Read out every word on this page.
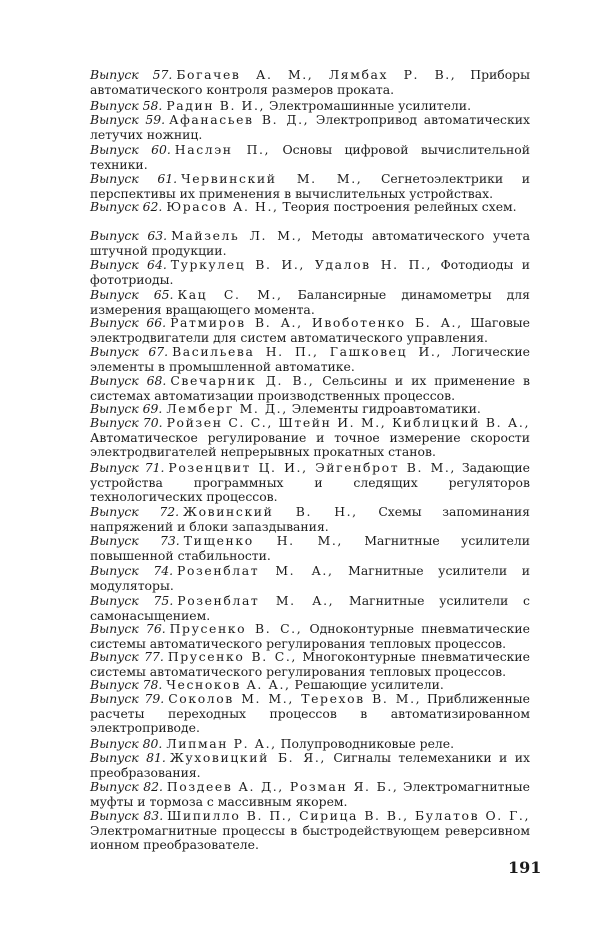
Выпуск 57. Богачев А. М., Лямбах Р. В., Приборы автоматического контроля размеров проката.
Выпуск 58. Радин В. И., Электромашинные усилители.
Выпуск 59. Афанасьев В. Д., Электропривод автоматических летучих ножниц.
Выпуск 60. Наслэн П., Основы цифровой вычислительной техники.
Выпуск 61. Червинский М. М., Сегнетоэлектрики и перспективы их применения в вычислительных устройствах.
Выпуск 62. Юрасов А. Н., Теория построения релейных схем.
Выпуск 63. Майзель Л. М., Методы автоматического учета штучной продукции.
Выпуск 64. Туркулец В. И., Удалов Н. П., Фотодиоды и фототриоды.
Выпуск 65. Кац С. М., Балансирные динамометры для измерения вращающего момента.
Выпуск 66. Ратмиров В. А., Ивоботенко Б. А., Шаговые электродвигатели для систем автоматического управления.
Выпуск 67. Васильева Н. П., Гашковец И., Логические элементы в промышленной автоматике.
Выпуск 68. Свечарник Д. В., Сельсины и их применение в системах автоматизации производственных процессов.
Выпуск 69. Лемберг М. Д., Элементы гидроавтоматики.
Выпуск 70. Ройзен С. С., Штейн И. М., Киблицкий В. А., Автоматическое регулирование и точное измерение скорости электродвигателей непрерывных прокатных станов.
Выпуск 71. Розенцвит Ц. И., Эйгенброт В. М., Задающие устройства программных и следящих регуляторов технологических процессов.
Выпуск 72. Жовинский В. Н., Схемы запоминания напряжений и блоки запаздывания.
Выпуск 73. Тищенко Н. М., Магнитные усилители повышенной стабильности.
Выпуск 74. Розенблат М. А., Магнитные усилители и модуляторы.
Выпуск 75. Розенблат М. А., Магнитные усилители с самонасыщением.
Выпуск 76. Прусенко В. С., Одноконтурные пневматические системы автоматического регулирования тепловых процессов.
Выпуск 77. Прусенко В. С., Многоконтурные пневматические системы автоматического регулирования тепловых процессов.
Выпуск 78. Чесноков А. А., Решающие усилители.
Выпуск 79. Соколов М. М., Терехов В. М., Приближенные расчеты переходных процессов в автоматизированном электроприводе.
Выпуск 80. Липман Р. А., Полупроводниковые реле.
Выпуск 81. Жуховицкий Б. Я., Сигналы телемеханики и их преобразования.
Выпуск 82. Поздеев А. Д., Розман Я. Б., Электромагнитные муфты и тормоза с массивным якорем.
Выпуск 83. Шипилло В. П., Сирица В. В., Булатов О. Г., Электромагнитные процессы в быстродействующем реверсивном ионном преобразователе.
191
